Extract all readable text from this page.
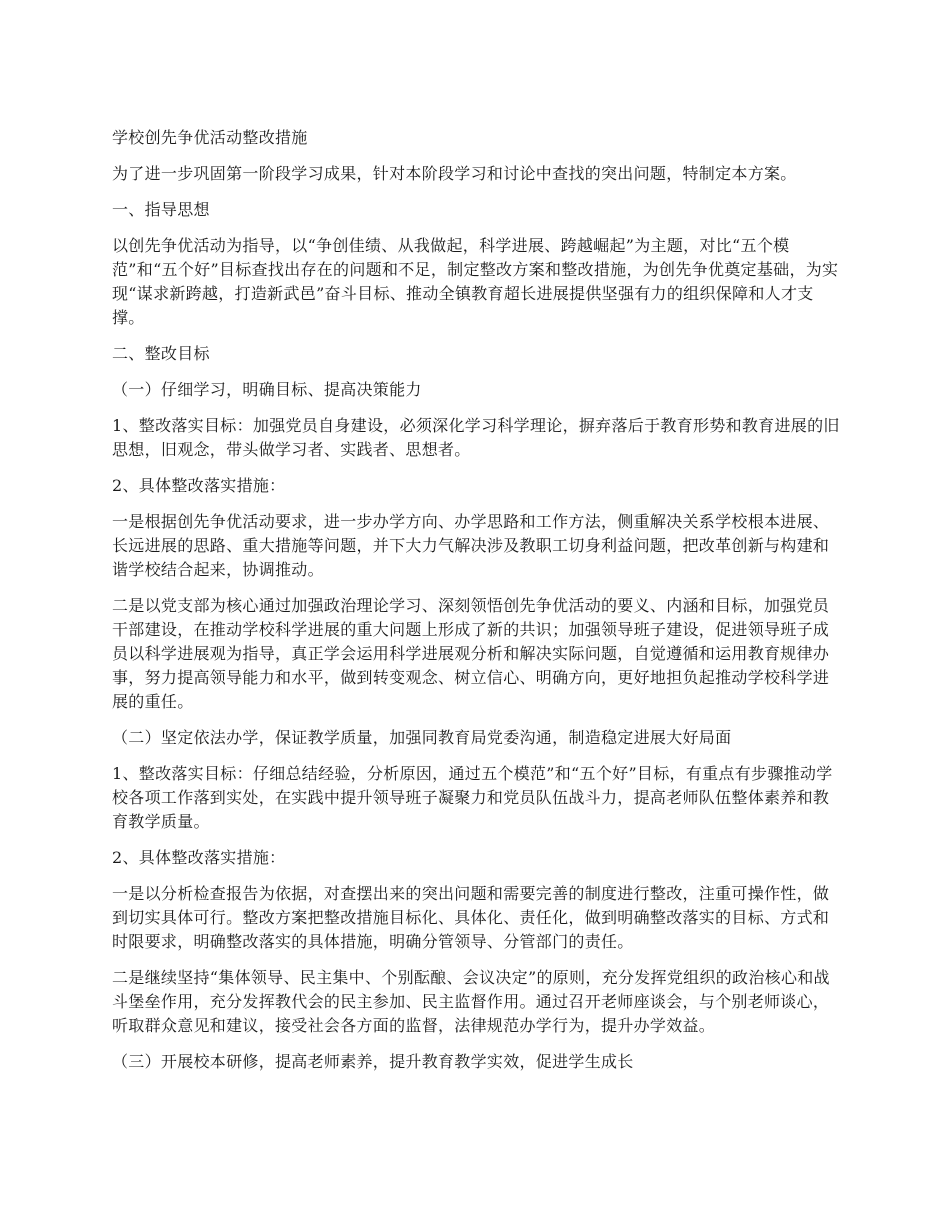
学校创先争优活动整改措施

为了进一步巩固第一阶段学习成果，针对本阶段学习和讨论中查找的突出问题，特制定本方案。

一、指导思想

以创先争优活动为指导，以“争创佳绩、从我做起，科学进展、跨越崛起”为主题，对比“五个模范”和“五个好”目标查找出存在的问题和不足，制定整改方案和整改措施，为创先争优奠定基础，为实现“谋求新跨越，打造新武邑”奋斗目标、推动全镇教育超长进展提供坚强有力的组织保障和人才支撑。

二、整改目标

（一）仔细学习，明确目标、提高决策能力

1、整改落实目标：加强党员自身建设，必须深化学习科学理论，摒弃落后于教育形势和教育进展的旧思想，旧观念，带头做学习者、实践者、思想者。

2、具体整改落实措施：

一是根据创先争优活动要求，进一步办学方向、办学思路和工作方法，侧重解决关系学校根本进展、长远进展的思路、重大措施等问题，并下大力气解决涉及教职工切身利益问题，把改革创新与构建和谐学校结合起来，协调推动。

二是以党支部为核心通过加强政治理论学习、深刻领悟创先争优活动的要义、内涵和目标，加强党员干部建设，在推动学校科学进展的重大问题上形成了新的共识；加强领导班子建设，促进领导班子成员以科学进展观为指导，真正学会运用科学进展观分析和解决实际问题，自觉遵循和运用教育规律办事，努力提高领导能力和水平，做到转变观念、树立信心、明确方向，更好地担负起推动学校科学进展的重任。

（二）坚定依法办学，保证教学质量，加强同教育局党委沟通，制造稳定进展大好局面

1、整改落实目标：仔细总结经验，分析原因，通过五个模范”和“五个好”目标，有重点有步骤推动学校各项工作落到实处，在实践中提升领导班子凝聚力和党员队伍战斗力，提高老师队伍整体素养和教育教学质量。

2、具体整改落实措施：

一是以分析检查报告为依据，对查摆出来的突出问题和需要完善的制度进行整改，注重可操作性，做到切实具体可行。整改方案把整改措施目标化、具体化、责任化，做到明确整改落实的目标、方式和时限要求，明确整改落实的具体措施，明确分管领导、分管部门的责任。

二是继续坚持“集体领导、民主集中、个别酝酿、会议决定”的原则，充分发挥党组织的政治核心和战斗堡垒作用，充分发挥教代会的民主参加、民主监督作用。通过召开老师座谈会，与个别老师谈心，听取群众意见和建议，接受社会各方面的监督，法律规范办学行为，提升办学效益。

（三）开展校本研修，提高老师素养，提升教育教学实效，促进学生成长
